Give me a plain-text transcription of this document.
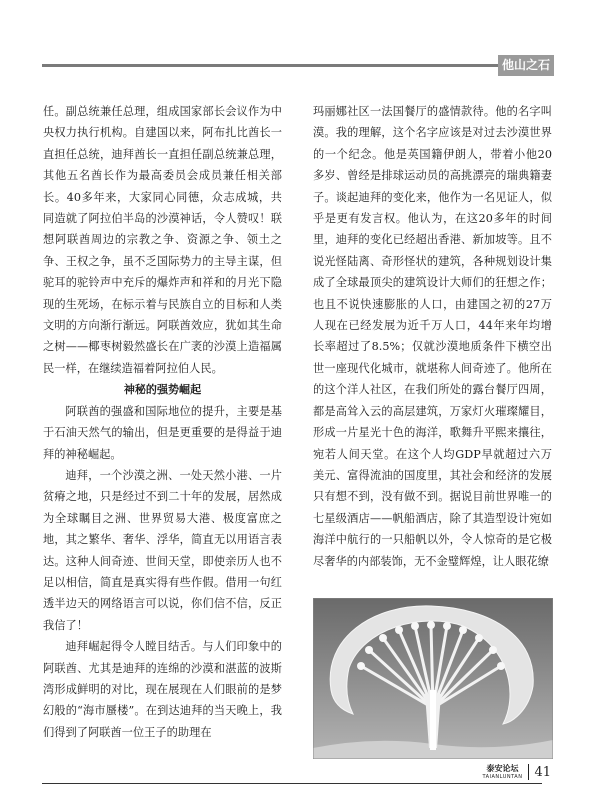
他山之石

任。副总统兼任总理，组成国家部长会议作为中央权力执行机构。自建国以来，阿布扎比酋长一直担任总统，迪拜酋长一直担任副总统兼总理，其他五名酋长作为最高委员会成员兼任相关部长。40多年来，大家同心同德，众志成城，共同造就了阿拉伯半岛的沙漠神话，令人赞叹！联想阿联酋周边的宗教之争、资源之争、领土之争、王权之争，虽不乏国际势力的主导主谋，但驼耳的驼铃声中充斥的爆炸声和祥和的月光下隐现的生死场，在标示着与民族自立的目标和人类文明的方向渐行渐远。阿联酋效应，犹如其生命之树——椰枣树毅然盛长在广袤的沙漠上造福属民一样，在继续造福着阿拉伯人民。

神秘的强势崛起

阿联酋的强盛和国际地位的提升，主要是基于石油天然气的输出，但是更重要的是得益于迪拜的神秘崛起。

迪拜，一个沙漠之洲、一处天然小港、一片贫瘠之地，只是经过不到二十年的发展，居然成为全球瞩目之洲、世界贸易大港、极度富庶之地，其之繁华、奢华、浮华，简直无以用语言表达。这种人间奇迹、世间天堂，即使亲历人也不足以相信，简直是真实得有些作假。借用一句红透半边天的网络语言可以说，你们信不信，反正我信了！

迪拜崛起得令人瞠目结舌。与人们印象中的阿联酋、尤其是迪拜的连绵的沙漠和湛蓝的波斯湾形成鲜明的对比，现在展现在人们眼前的是梦幻般的“海市蜃楼”。在到达迪拜的当天晚上，我们得到了阿联酋一位王子的助理在

玛丽娜社区一法国餐厅的盛情款待。他的名字叫漠。我的理解，这个名字应该是对过去沙漠世界的一个纪念。他是英国籍伊朗人，带着小他20多岁、曾经是排球运动员的高挑漂亮的瑞典籍妻子。谈起迪拜的变化来，他作为一名见证人，似乎是更有发言权。他认为，在这20多年的时间里，迪拜的变化已经超出香港、新加坡等。且不说光怪陆离、奇形怪状的建筑，各种规划设计集成了全球最顶尖的建筑设计大师们的狂想之作；也且不说快速膨胀的人口，由建国之初的27万人现在已经发展为近千万人口，44年来年均增长率超过了8.5%；仅就沙漠地质条件下横空出世一座现代化城市，就堪称人间奇迹了。他所在的这个洋人社区，在我们所处的露台餐厅四周，都是高耸入云的高层建筑，万家灯火璀璨耀目，形成一片星光十色的海洋，歌舞升平熙来攘往，宛若人间天堂。在这个人均GDP早就超过六万美元、富得流油的国度里，其社会和经济的发展只有想不到，没有做不到。据说目前世界唯一的七星级酒店——帆船酒店，除了其造型设计宛如海洋中航行的一只船帆以外，令人惊奇的是它极尽奢华的内部装饰，无不金璧辉煌，让人眼花缭

泰安论坛
TAIANLUNTAN 41
